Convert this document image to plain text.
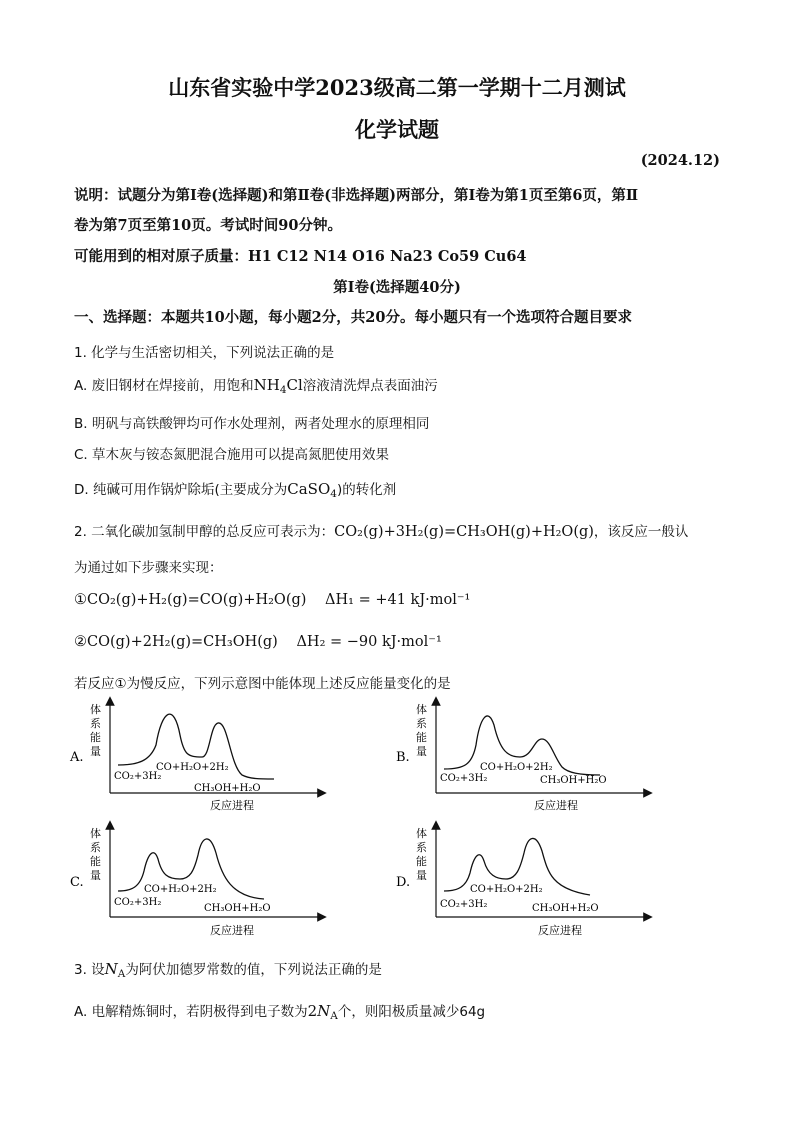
山东省实验中学2023级高二第一学期十二月测试
化学试题
(2024.12)
说明：试题分为第Ⅰ卷(选择题)和第Ⅱ卷(非选择题)两部分，第Ⅰ卷为第1页至第6页，第Ⅱ
卷为第7页至第10页。考试时间90分钟。
可能用到的相对原子质量：H1 C12 N14 O16 Na23 Co59 Cu64
第Ⅰ卷(选择题40分)
一、选择题：本题共10小题，每小题2分，共20分。每小题只有一个选项符合题目要求
1. 化学与生活密切相关，下列说法正确的是
A. 废旧钢材在焊接前，用饱和$NH_4Cl$溶液清洗焊点表面油污
B. 明矾与高铁酸钾均可作水处理剂，两者处理水的原理相同
C. 草木灰与铵态氮肥混合施用可以提高氮肥使用效果
D. 纯碱可用作锅炉除垢(主要成分为CaSO$_4$)的转化剂
2. 二氧化碳加氢制甲醇的总反应可表示为：CO₂(g)+3H₂(g)=CH₃OH(g)+H₂O(g)，该反应一般认
为通过如下步骤来实现：
①CO₂(g)+H₂(g)=CO(g)+H₂O(g) ΔH₁ = +41 kJ·mol⁻¹
②CO(g)+2H₂(g)=CH₃OH(g) ΔH₂ = −90 kJ·mol⁻¹
若反应①为慢反应，下列示意图中能体现上述反应能量变化的是
A.
体
系
能
量
反应进程
CO₂+3H₂
CO+H₂O+2H₂
CH₃OH+H₂O
B.
体
系
能
量
反应进程
CO₂+3H₂
CO+H₂O+2H₂
CH₃OH+H₂O
C.
体
系
能
量
反应进程
CO₂+3H₂
CO+H₂O+2H₂
CH₃OH+H₂O
D.
体
系
能
量
反应进程
CO₂+3H₂
CO+H₂O+2H₂
CH₃OH+H₂O
3. 设$N_A$为阿伏加德罗常数的值，下列说法正确的是
A. 电解精炼铜时，若阴极得到电子数为$2N_A$个，则阳极质量减少64g
